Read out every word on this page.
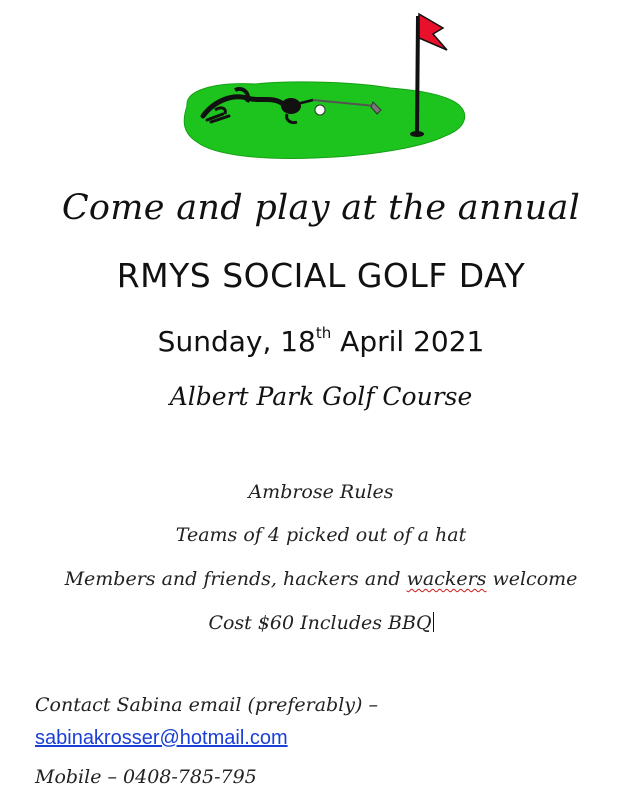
Come and play at the annual
RMYS SOCIAL GOLF DAY
Sunday, 18th April 2021
Albert Park Golf Course
Ambrose Rules
Teams of 4 picked out of a hat
Members and friends, hackers and wackers welcome
Cost $60 Includes BBQ
Contact Sabina email (preferably) –
sabinakrosser@hotmail.com
Mobile – 0408-785-795
